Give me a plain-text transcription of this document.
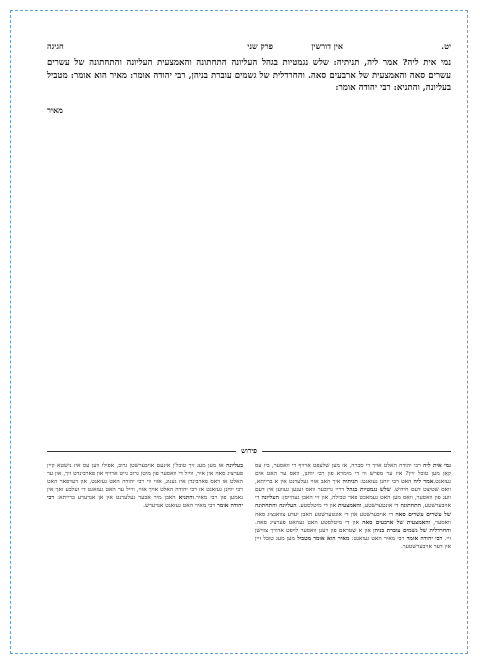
יט.
אין דורשין
פרק שני
חגיגה

נמי אית ליה? אמר ליה, תניתיה: שלש נגמטיות בגהל העליונה התחתונה והאמצעית העליונה והתחתונה של עשרים עשרים סאה והאמצעית של ארבעים סאה. והחרדלית של גשמים עוברת בניהן, רבי יהודה אומר: מאיר הוא אומר: מטביל בעליונה, והתניא: רבי יהודה אומר:

מאיר
פירוש

נמי אית ליה רבי יהודה האלט אויך די סברה, אז מען שלעפט ארויף די וואסער, ביז עס קאָן מען טובל זיין? איז ער מפרש ווי די מימרא פון רבי יוחנן, וואס ער האט אים געזאגט.אמר ליה האט רבי יוחנן געזאגט: תניתיה איך האב אזוי געלערנט אין א ברייתא, וואס שטיצט דעם חידוש. שלש נגמטיות בגהל דריי גרובער וואס זענען געווען אין דעם וועג פון וואסער, וואס מען האט געמאכט פאר טבילה, און זיי האבן געהייסן: העליונה די אויבערשטע, התחתונה די אונטערשטע, והאמצעית און די מיטלסטע. העליונה והתחתונה של עשרים עשרים סאה די אויבערשטע און די אונטערשטע האבן יעדע צוואנציג סאה וואסער, והאמצעית של ארבעים סאה און די מיטלסטע האט געהאט פערציג סאה. והחרדלית של גשמים עוברת בניהן און א שטראם פון רעגן וואסער לויפט אדורך צווישן זיי. רבי יהודה אומר רבי מאיר האט געזאגט: מאיר הוא אומר מטביל מען מעג טובל זיין אין דער אויבערשטער.

בעליונה אז מען מעג זיך טובל'ן אינעם אויבערשטן גרוב, אפילו ווען עס איז נישטא קיין פערציג סאה אין איר, ווייל די וואסער פון מיטן גרוב גייט ארויף און פארבינדט זיך, און ער האלט אז דאס פארבינדן איז גענוג, אזוי ווי רבי יהודה האט געזאגט, און דערפאר האט רבי יוחנן געזאגט אז רבי יהודה האלט אויך אזוי, ווייל ער האט געזאגט די זעלבע זאך אין נאמען פון רבי מאיר.והתניא האבן מיר אבער געלערנט אין אן אנדערע ברייתא: רבי יהודה אומר רבי מאיר האט געזאגט אנדערש.
